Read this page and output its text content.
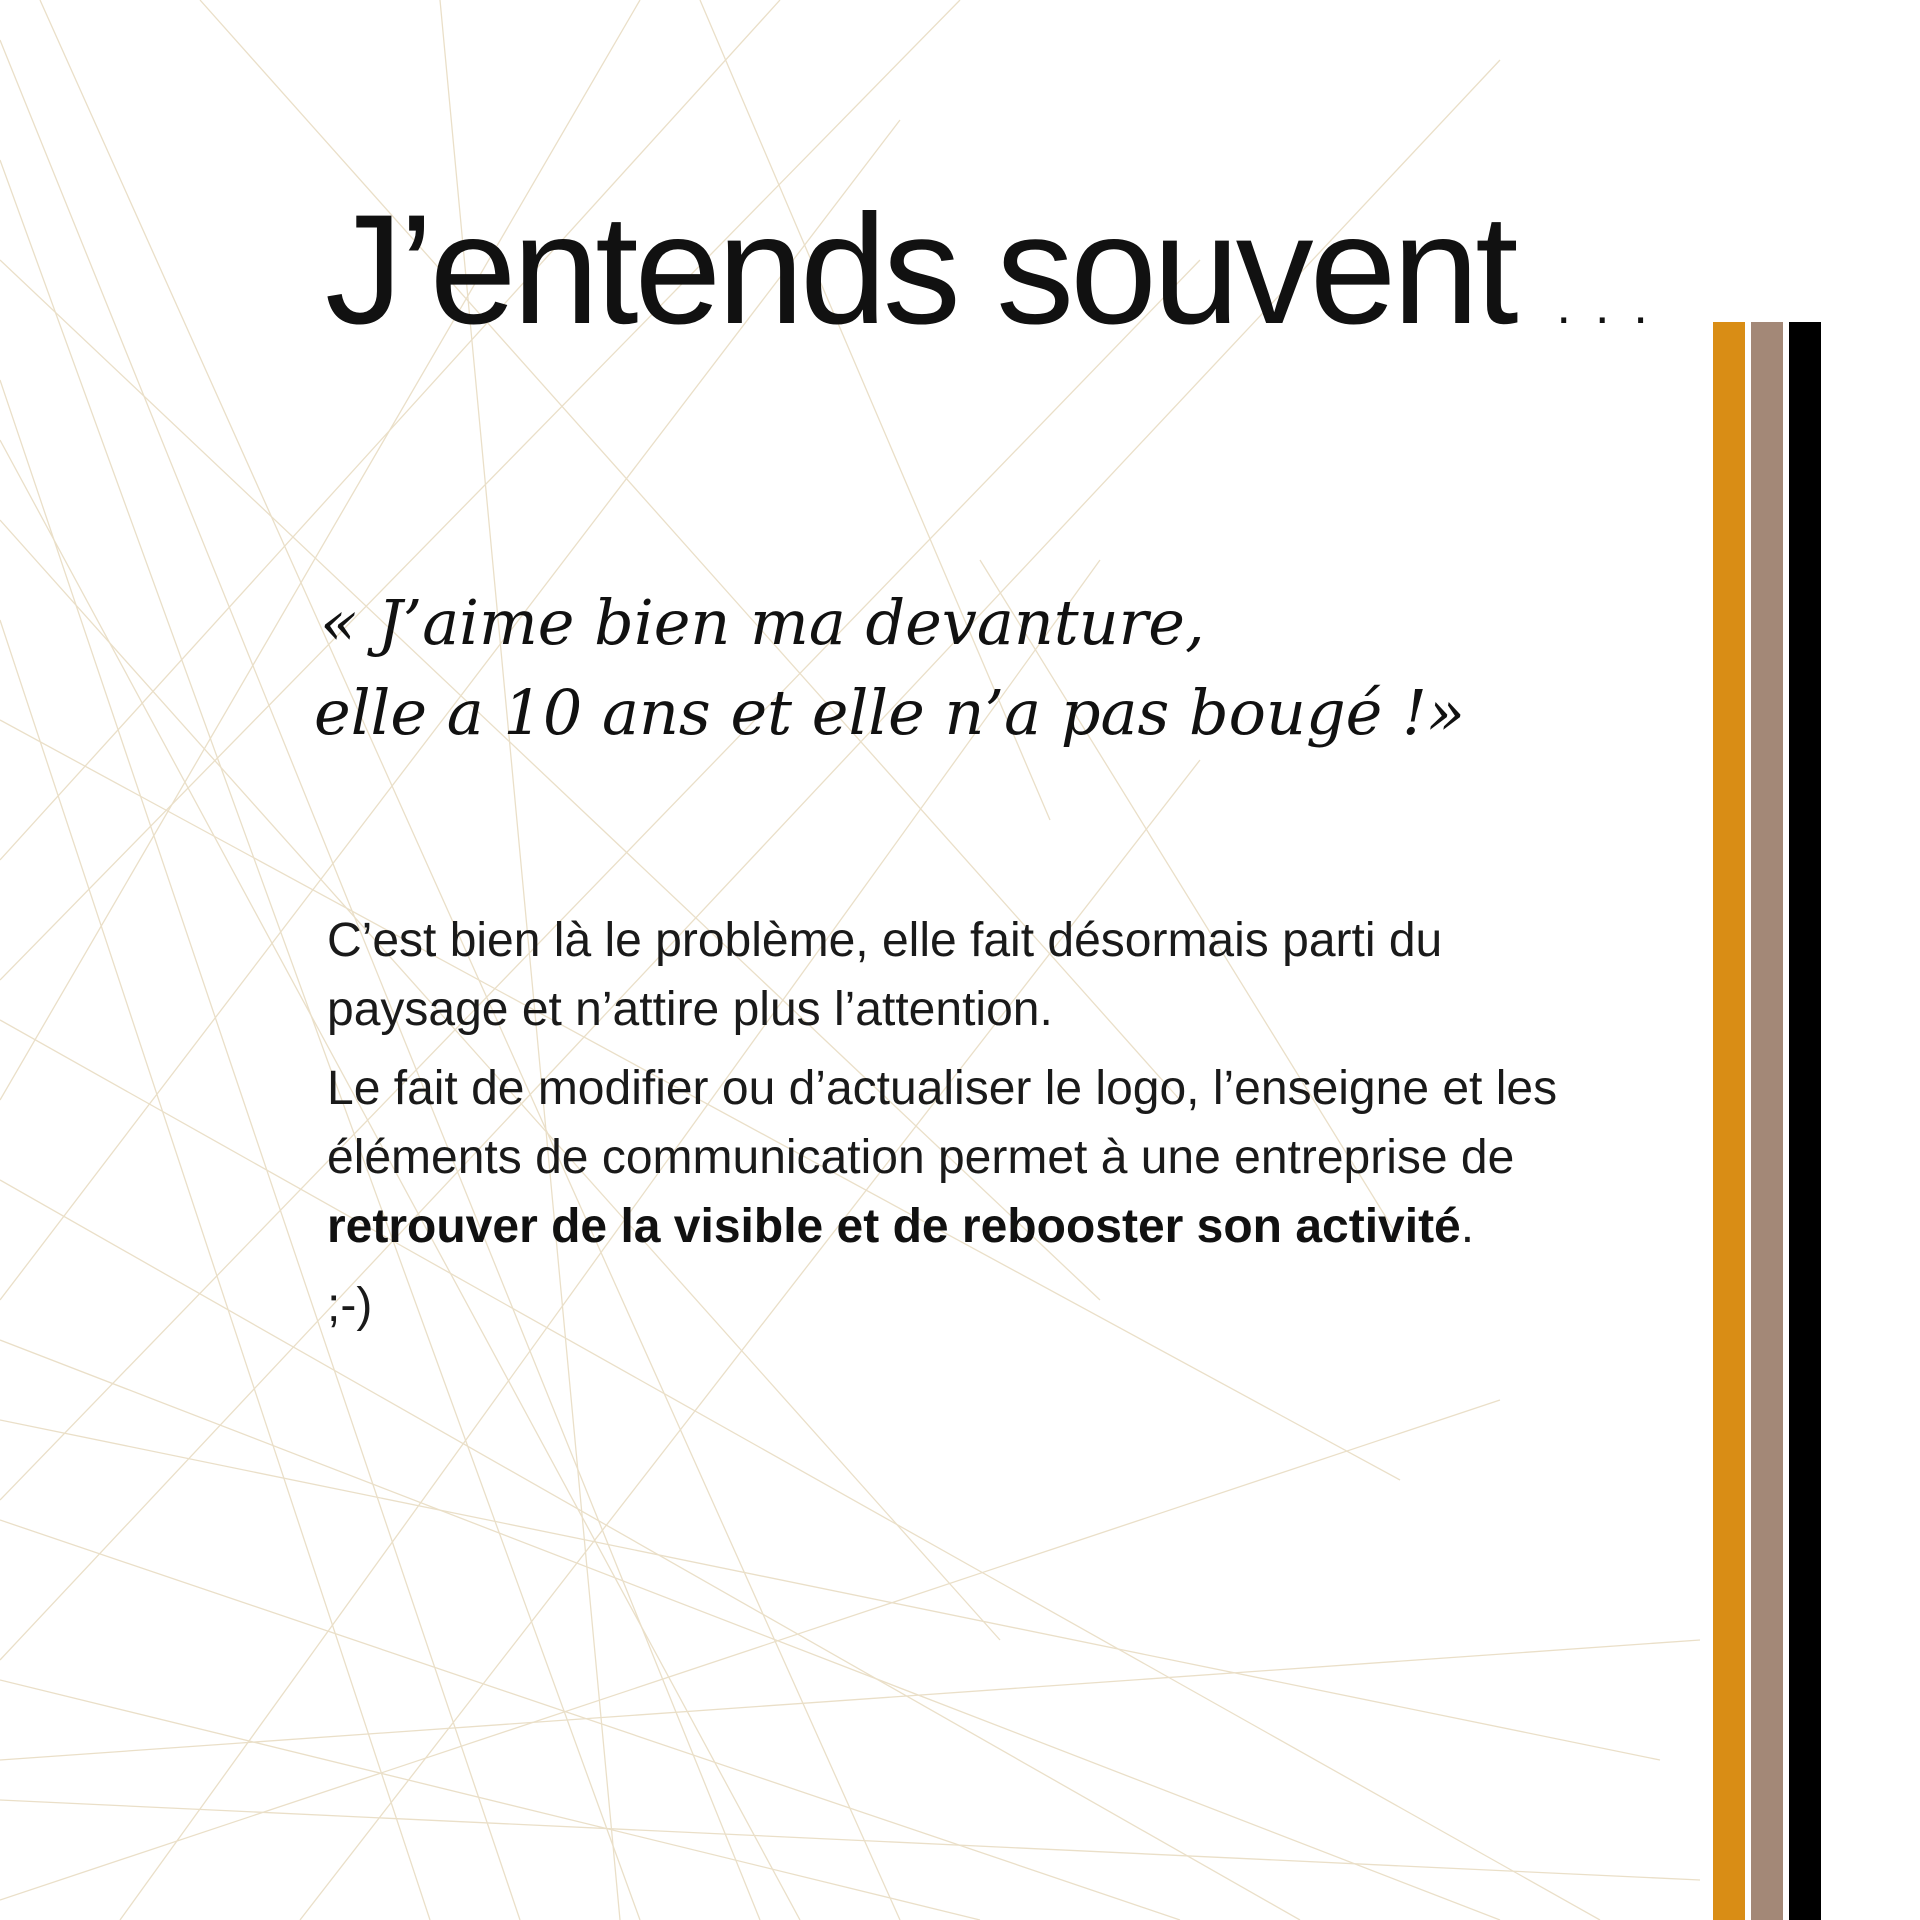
J’entends souvent ...
« J’aime bien ma devanture,
elle a 10 ans et elle n’a pas bougé !»

C’est bien là le problème, elle fait désormais parti du paysage et n’attire plus l’attention.

Le fait de modifier ou d’actualiser le logo, l’enseigne et les éléments de communication permet à une entreprise de retrouver de la visible et de rebooster son activité.

;-)
